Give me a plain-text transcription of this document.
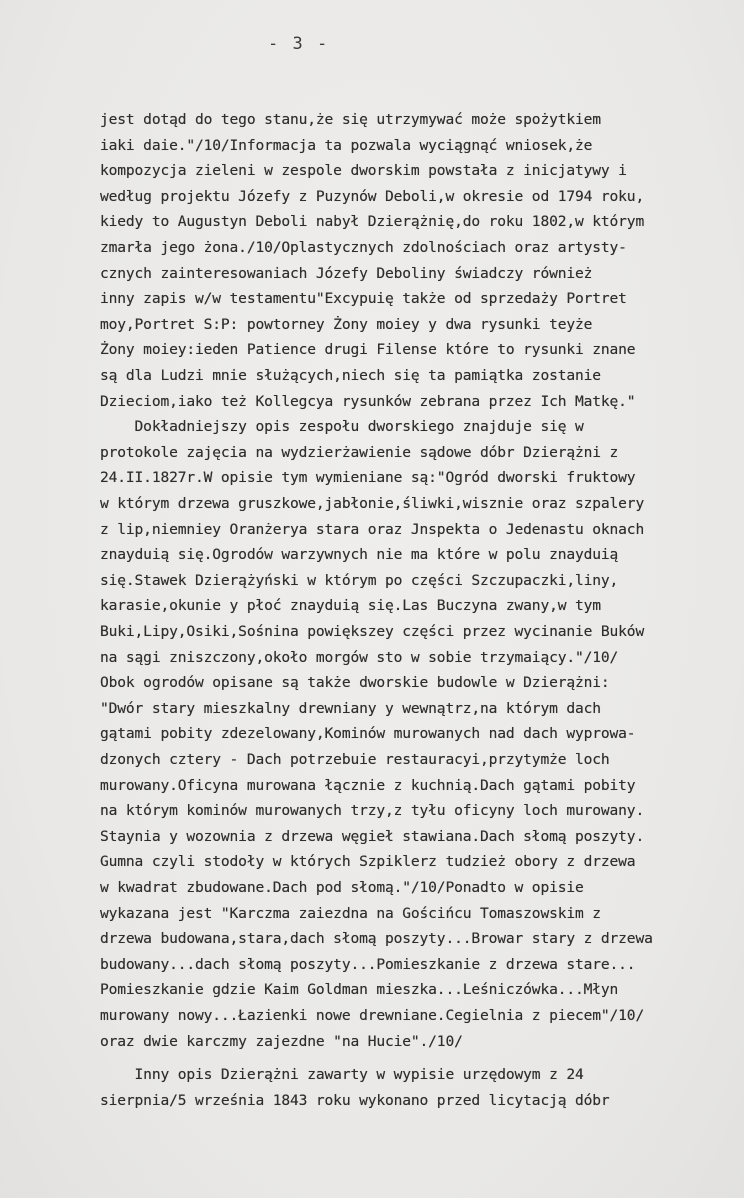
- 3 -
jest dotąd do tego stanu,że się utrzymywać może spożytkiem
iaki daie."/10/Informacja ta pozwala wyciągnąć wniosek,że
kompozycja zieleni w zespole dworskim powstała z inicjatywy i
według projektu Józefy z Puzynów Deboli,w okresie od 1794 roku,
kiedy to Augustyn Deboli nabył Dzierążnię,do roku 1802,w którym
zmarła jego żona./10/Oplastycznych zdolnościach oraz artysty-
cznych zainteresowaniach Józefy Deboliny świadczy również
inny zapis w/w testamentu"Excypuię także od sprzedaży Portret
moy,Portret S:P: powtorney Żony moiey y dwa rysunki teyże
Żony moiey:ieden Patience drugi Filense które to rysunki znane
są dla Ludzi mnie służących,niech się ta pamiątka zostanie
Dzieciom,iako też Kollegcya rysunków zebrana przez Ich Matkę."
Dokładniejszy opis zespołu dworskiego znajduje się w
protokole zajęcia na wydzierżawienie sądowe dóbr Dzierążni z
24.II.1827r.W opisie tym wymieniane są:"Ogród dworski fruktowy
w którym drzewa gruszkowe,jabłonie,śliwki,wisznie oraz szpalery
z lip,niemniey Oranżerya stara oraz Jnspekta o Jedenastu oknach
znayduią się.Ogrodów warzywnych nie ma które w polu znayduią
się.Stawek Dzierążyński w którym po części Szczupaczki,liny,
karasie,okunie y płoć znayduią się.Las Buczyna zwany,w tym
Buki,Lipy,Osiki,Sośnina powiększey części przez wycinanie Buków
na sągi zniszczony,około morgów sto w sobie trzymaiący."/10/
Obok ogrodów opisane są także dworskie budowle w Dzierążni:
"Dwór stary mieszkalny drewniany y wewnątrz,na którym dach
gątami pobity zdezelowany,Kominów murowanych nad dach wyprowa-
dzonych cztery - Dach potrzebuie restauracyi,przytymże loch
murowany.Oficyna murowana łącznie z kuchnią.Dach gątami pobity
na którym kominów murowanych trzy,z tyłu oficyny loch murowany.
Staynia y wozownia z drzewa węgieł stawiana.Dach słomą poszyty.
Gumna czyli stodoły w których Szpiklerz tudzież obory z drzewa
w kwadrat zbudowane.Dach pod słomą."/10/Ponadto w opisie
wykazana jest "Karczma zaiezdna na Gościńcu Tomaszowskim z
drzewa budowana,stara,dach słomą poszyty...Browar stary z drzewa
budowany...dach słomą poszyty...Pomieszkanie z drzewa stare...
Pomieszkanie gdzie Kaim Goldman mieszka...Leśniczówka...Młyn
murowany nowy...Łazienki nowe drewniane.Cegielnia z piecem"/10/
oraz dwie karczmy zajezdne "na Hucie"./10/
Inny opis Dzierążni zawarty w wypisie urzędowym z 24
sierpnia/5 września 1843 roku wykonano przed licytacją dóbr
